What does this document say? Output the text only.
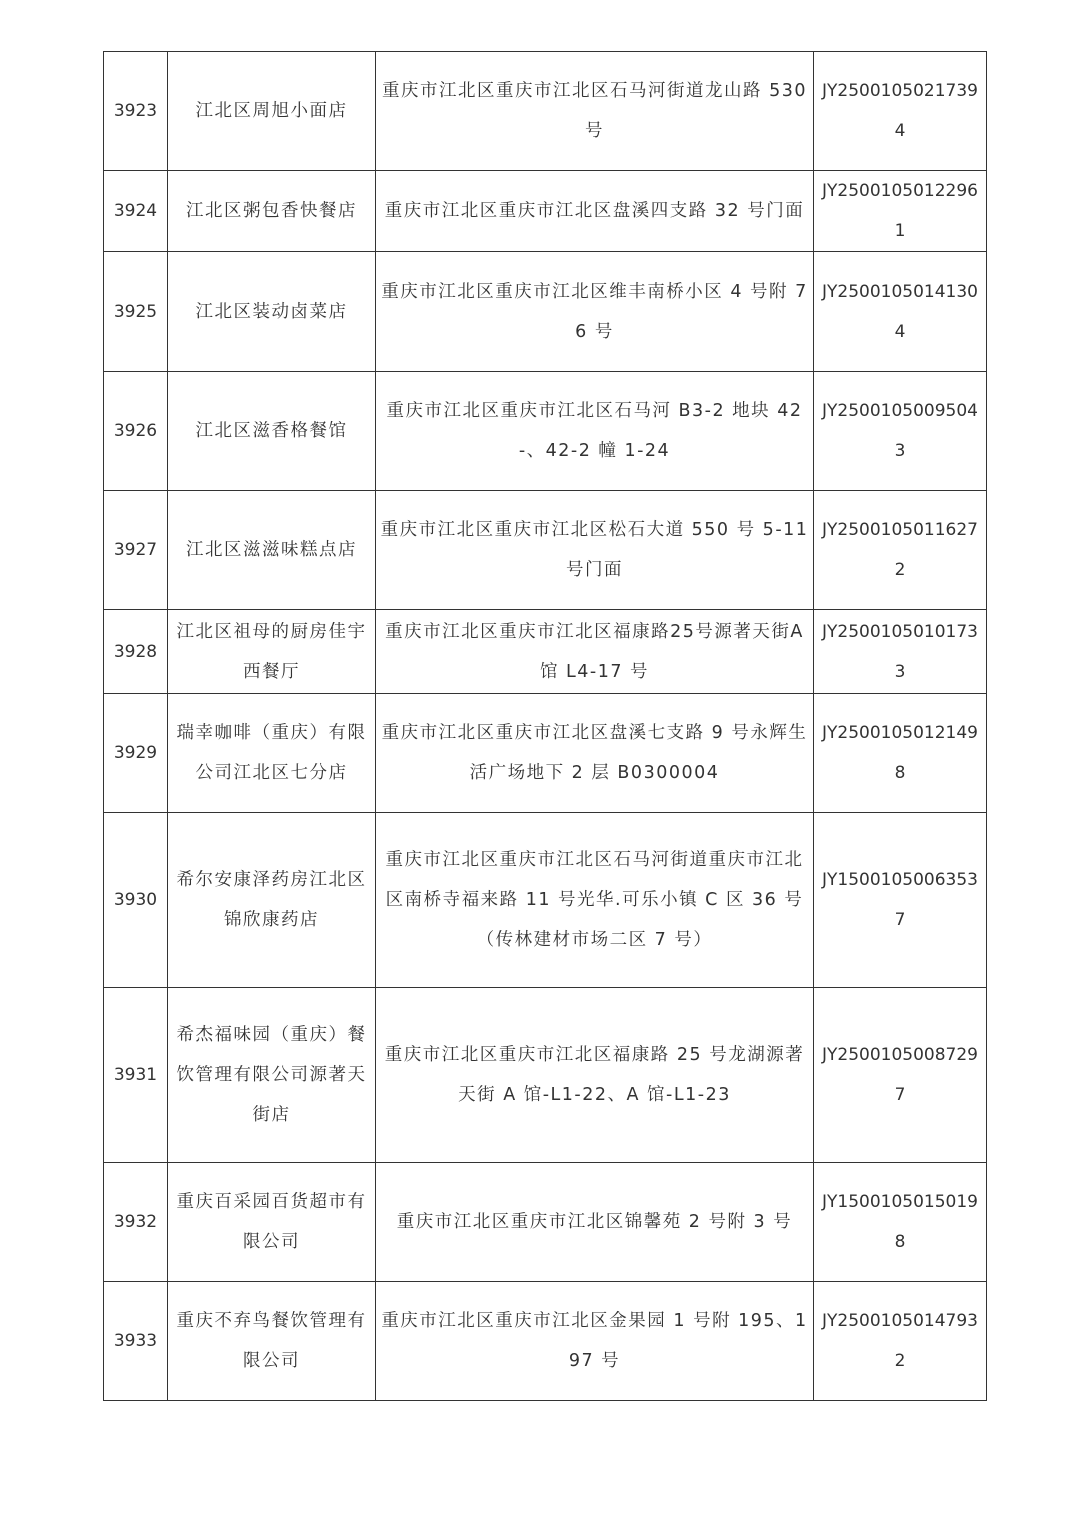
3923	江北区周旭小面店	重庆市江北区重庆市江北区石马河街道龙山路 530 号	JY25001050217394
3924	江北区粥包香快餐店	重庆市江北区重庆市江北区盘溪四支路 32 号门面	JY25001050122961
3925	江北区装动卤菜店	重庆市江北区重庆市江北区维丰南桥小区 4 号附 76 号	JY25001050141304
3926	江北区滋香格餐馆	重庆市江北区重庆市江北区石马河 B3-2 地块 42-、42-2 幢 1-24	JY25001050095043
3927	江北区滋滋味糕点店	重庆市江北区重庆市江北区松石大道 550 号 5-11 号门面	JY25001050116272
3928	江北区祖母的厨房佳宇西餐厅	重庆市江北区重庆市江北区福康路25号源著天街A馆 L4-17 号	JY25001050101733
3929	瑞幸咖啡（重庆）有限公司江北区七分店	重庆市江北区重庆市江北区盘溪七支路 9 号永辉生活广场地下 2 层 B0300004	JY25001050121498
3930	希尔安康泽药房江北区锦欣康药店	重庆市江北区重庆市江北区石马河街道重庆市江北区南桥寺福来路 11 号光华.可乐小镇 C 区 36 号（传林建材市场二区 7 号）	JY15001050063537
3931	希杰福味园（重庆）餐饮管理有限公司源著天街店	重庆市江北区重庆市江北区福康路 25 号龙湖源著天街 A 馆-L1-22、A 馆-L1-23	JY25001050087297
3932	重庆百采园百货超市有限公司	重庆市江北区重庆市江北区锦馨苑 2 号附 3 号	JY15001050150198
3933	重庆不弃鸟餐饮管理有限公司	重庆市江北区重庆市江北区金果园 1 号附 195、197 号	JY25001050147932
